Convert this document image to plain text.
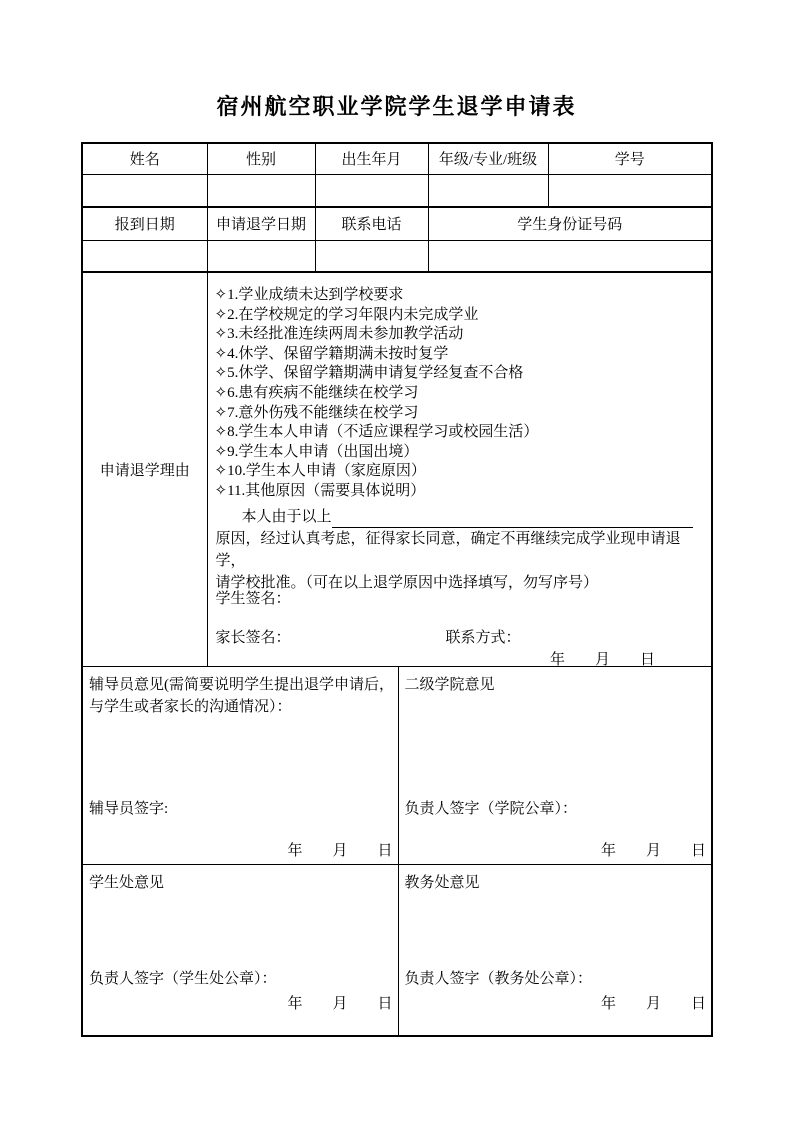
宿州航空职业学院学生退学申请表
姓名	性别	出生年月		年级/专业/班级	学号

报到日期	申请退学日期	联系电话		学生身份证号码	

申请退学理由	
✧1.学业成绩未达到学校要求
✧2.在学校规定的学习年限内未完成学业
✧3.未经批准连续两周未参加教学活动
✧4.休学、保留学籍期满未按时复学
✧5.休学、保留学籍期满申请复学经复查不合格
✧6.患有疾病不能继续在校学习
✧7.意外伤残不能继续在校学习
✧8.学生本人申请（不适应课程学习或校园生活）
✧9.学生本人申请（出国出境）
✧10.学生本人申请（家庭原因）
✧11.其他原因（需要具体说明）
本人由于以上
原因，经过认真考虑，征得家长同意，确定不再继续完成学业现申请退学，
请学校批准。（可在以上退学原因中选择填写，勿写序号）
学生签名：
家长签名：	联系方式：
年　　月　　日

辅导员意见(需简要说明学生提出退学申请后，与学生或者家长的沟通情况）：
辅导员签字:
年　　月　　日

二级学院意见
负责人签字（学院公章）：
年　　月　　日

学生处意见
负责人签字（学生处公章）：
年　　月　　日

教务处意见
负责人签字（教务处公章）：
年　　月　　日
